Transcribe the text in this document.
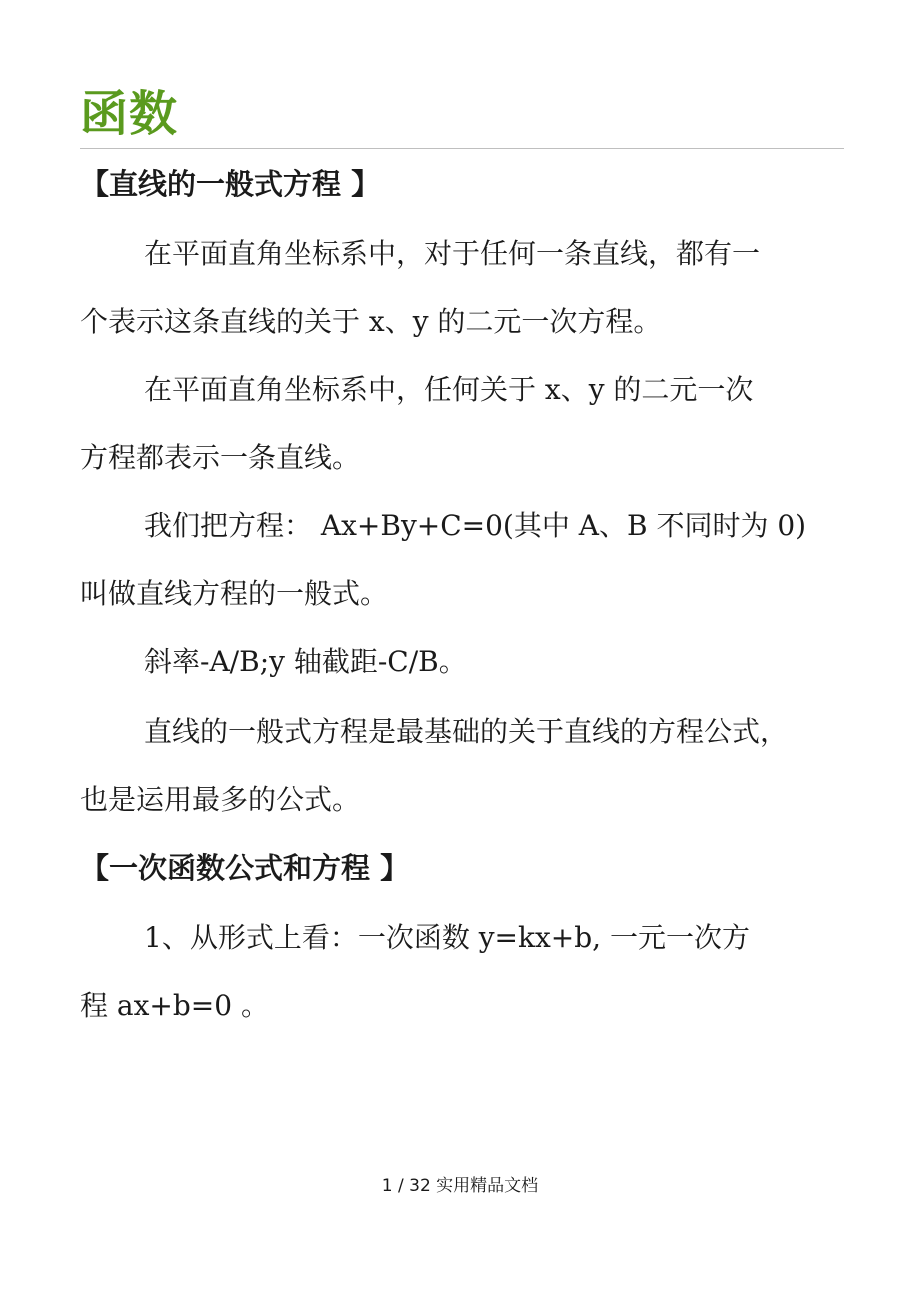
函数
【直线的一般式方程 】

在平面直角坐标系中，对于任何一条直线，都有一

个表示这条直线的关于 x、y 的二元一次方程。

在平面直角坐标系中，任何关于 x、y 的二元一次

方程都表示一条直线。

我们把方程： Ax+By+C=0(其中 A、B 不同时为 0)

叫做直线方程的一般式。

斜率-A/B;y 轴截距-C/B。

直线的一般式方程是最基础的关于直线的方程公式，

也是运用最多的公式。

【一次函数公式和方程 】

1、从形式上看：一次函数 y=kx+b, 一元一次方

程 ax+b=0 。

1 / 32 实用精品文档
